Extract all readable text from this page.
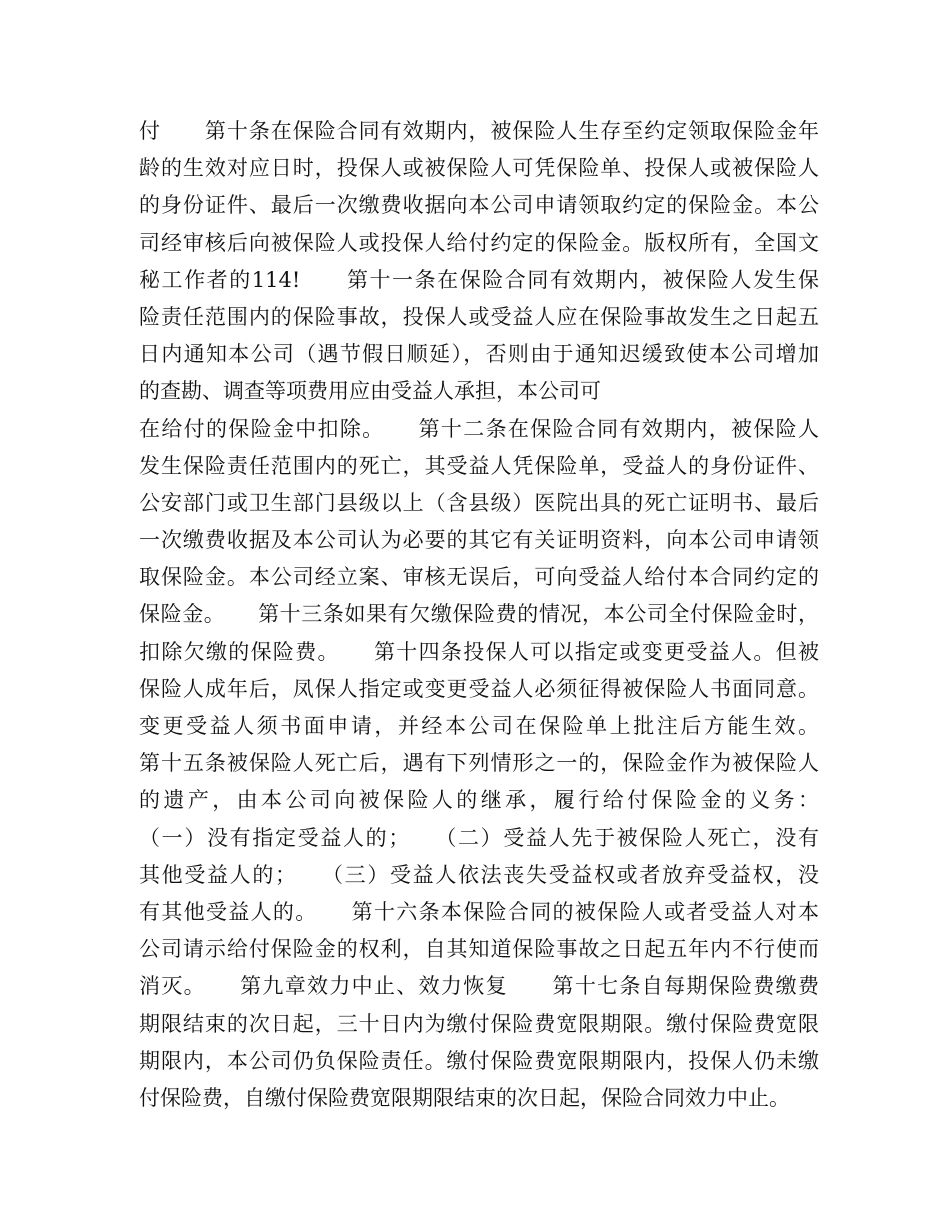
付　　第十条在保险合同有效期内，被保险人生存至约定领取保险金年
龄的生效对应日时，投保人或被保险人可凭保险单、投保人或被保险人
的身份证件、最后一次缴费收据向本公司申请领取约定的保险金。本公
司经审核后向被保险人或投保人给付约定的保险金。版权所有，全国文
秘工作者的114!　　第十一条在保险合同有效期内，被保险人发生保
险责任范围内的保险事故，投保人或受益人应在保险事故发生之日起五
日内通知本公司（遇节假日顺延），否则由于通知迟缓致使本公司增加
的查勘、调查等项费用应由受益人承担，本公司可
在给付的保险金中扣除。　　第十二条在保险合同有效期内，被保险人
发生保险责任范围内的死亡，其受益人凭保险单，受益人的身份证件、
公安部门或卫生部门县级以上（含县级）医院出具的死亡证明书、最后
一次缴费收据及本公司认为必要的其它有关证明资料，向本公司申请领
取保险金。本公司经立案、审核无误后，可向受益人给付本合同约定的
保险金。　　第十三条如果有欠缴保险费的情况，本公司全付保险金时，
扣除欠缴的保险费。　　第十四条投保人可以指定或变更受益人。但被
保险人成年后，凤保人指定或变更受益人必须征得被保险人书面同意。
变更受益人须书面申请，并经本公司在保险单上批注后方能生效。
第十五条被保险人死亡后，遇有下列情形之一的，保险金作为被保险人
的遗产，由本公司向被保险人的继承，履行给付保险金的义务：
（一）没有指定受益人的；　　（二）受益人先于被保险人死亡，没有
其他受益人的；　　（三）受益人依法丧失受益权或者放弃受益权，没
有其他受益人的。　　第十六条本保险合同的被保险人或者受益人对本
公司请示给付保险金的权利，自其知道保险事故之日起五年内不行使而
消灭。　　第九章效力中止、效力恢复　　第十七条自每期保险费缴费
期限结束的次日起，三十日内为缴付保险费宽限期限。缴付保险费宽限
期限内，本公司仍负保险责任。缴付保险费宽限期限内，投保人仍未缴
付保险费，自缴付保险费宽限期限结束的次日起，保险合同效力中止。
